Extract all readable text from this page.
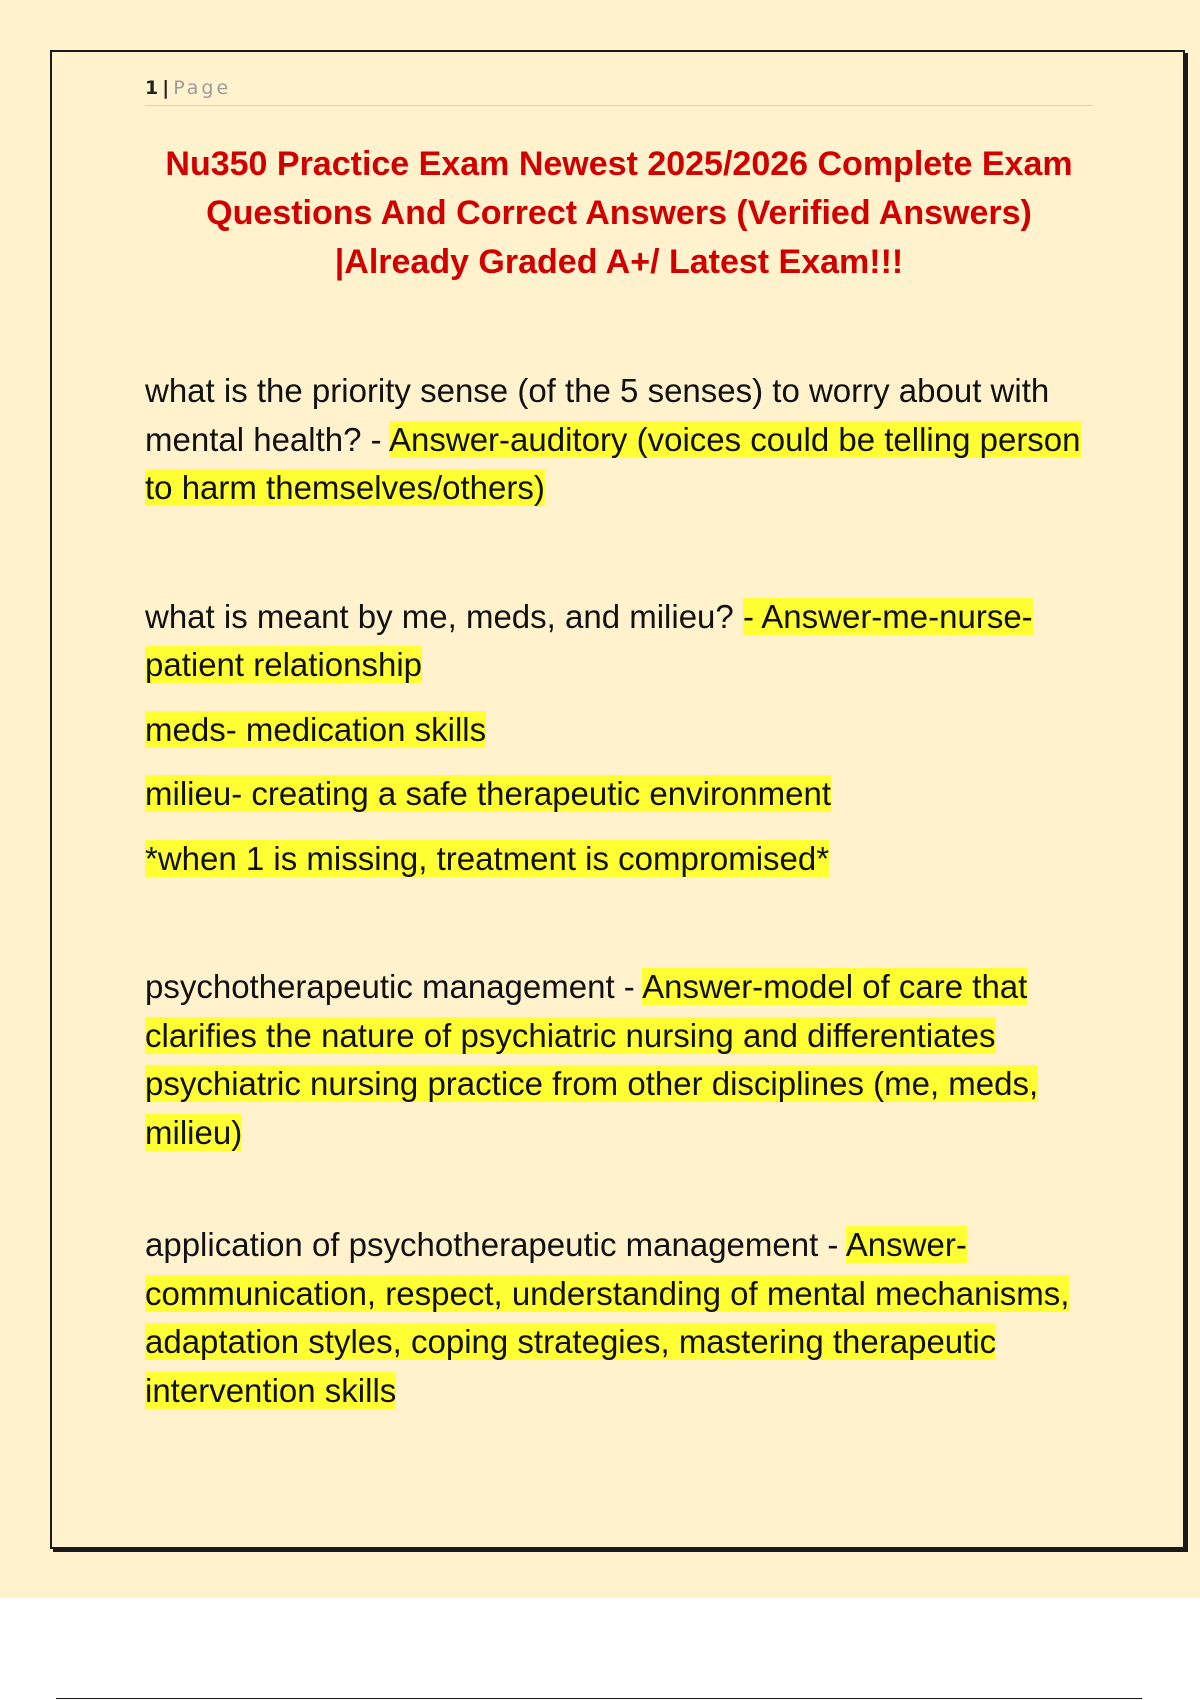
1 | Page
Nu350 Practice Exam Newest 2025/2026 Complete Exam Questions And Correct Answers (Verified Answers) |Already Graded A+/ Latest Exam!!!

what is the priority sense (of the 5 senses) to worry about with mental health? - Answer-auditory (voices could be telling person to harm themselves/others)

what is meant by me, meds, and milieu? - Answer-me-nurse-patient relationship

meds- medication skills

milieu- creating a safe therapeutic environment

*when 1 is missing, treatment is compromised*

psychotherapeutic management - Answer-model of care that clarifies the nature of psychiatric nursing and differentiates psychiatric nursing practice from other disciplines (me, meds, milieu)

application of psychotherapeutic management - Answer-communication, respect, understanding of mental mechanisms, adaptation styles, coping strategies, mastering therapeutic intervention skills
